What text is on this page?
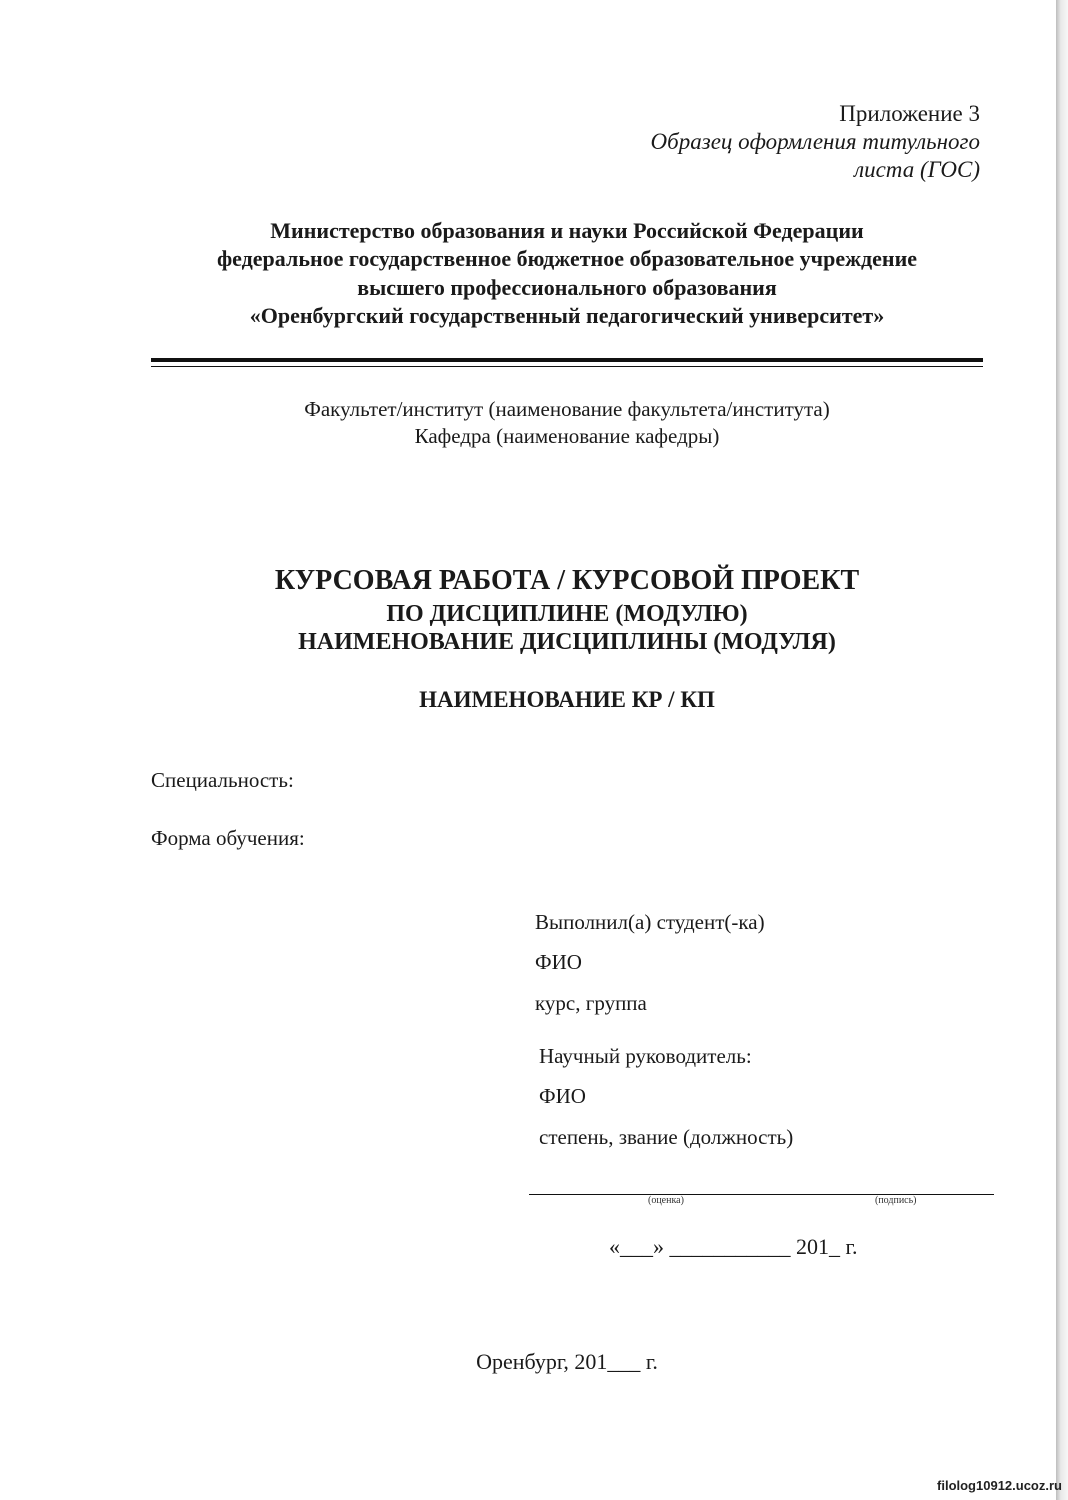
Приложение 3
Образец оформления титульного
листа (ГОС)
Министерство образования и науки Российской Федерации
федеральное государственное бюджетное образовательное учреждение
высшего профессионального образования
«Оренбургский государственный педагогический университет»
Факультет/институт (наименование факультета/института)
Кафедра (наименование кафедры)
КУРСОВАЯ РАБОТА / КУРСОВОЙ ПРОЕКТ
ПО ДИСЦИПЛИНЕ (МОДУЛЮ)
НАИМЕНОВАНИЕ ДИСЦИПЛИНЫ (МОДУЛЯ)
НАИМЕНОВАНИЕ КР / КП
Специальность:
Форма обучения:
Выполнил(а) студент(-ка)
ФИО
курс, группа
Научный руководитель:
ФИО
степень, звание (должность)
(оценка)	(подпись)
«___» ___________ 201_ г.
Оренбург, 201___ г.
filolog10912.ucoz.ru
